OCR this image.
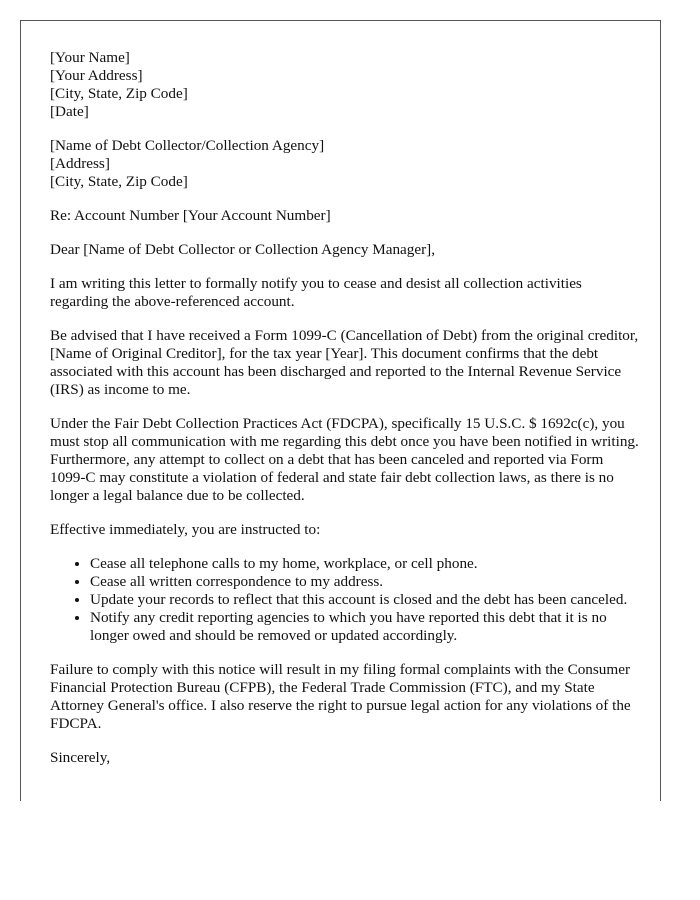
[Your Name]
[Your Address]
[City, State, Zip Code]
[Date]
[Name of Debt Collector/Collection Agency]
[Address]
[City, State, Zip Code]

Re: Account Number [Your Account Number]

Dear [Name of Debt Collector or Collection Agency Manager],

I am writing this letter to formally notify you to cease and desist all collection activities regarding the above-referenced account.

Be advised that I have received a Form 1099-C (Cancellation of Debt) from the original creditor, [Name of Original Creditor], for the tax year [Year]. This document confirms that the debt associated with this account has been discharged and reported to the Internal Revenue Service (IRS) as income to me.

Under the Fair Debt Collection Practices Act (FDCPA), specifically 15 U.S.C. $ 1692c(c), you must stop all communication with me regarding this debt once you have been notified in writing. Furthermore, any attempt to collect on a debt that has been canceled and reported via Form 1099-C may constitute a violation of federal and state fair debt collection laws, as there is no longer a legal balance due to be collected.

Effective immediately, you are instructed to:

• Cease all telephone calls to my home, workplace, or cell phone.
• Cease all written correspondence to my address.
• Update your records to reflect that this account is closed and the debt has been canceled.
• Notify any credit reporting agencies to which you have reported this debt that it is no longer owed and should be removed or updated accordingly.

Failure to comply with this notice will result in my filing formal complaints with the Consumer Financial Protection Bureau (CFPB), the Federal Trade Commission (FTC), and my State Attorney General's office. I also reserve the right to pursue legal action for any violations of the FDCPA.

Sincerely,
